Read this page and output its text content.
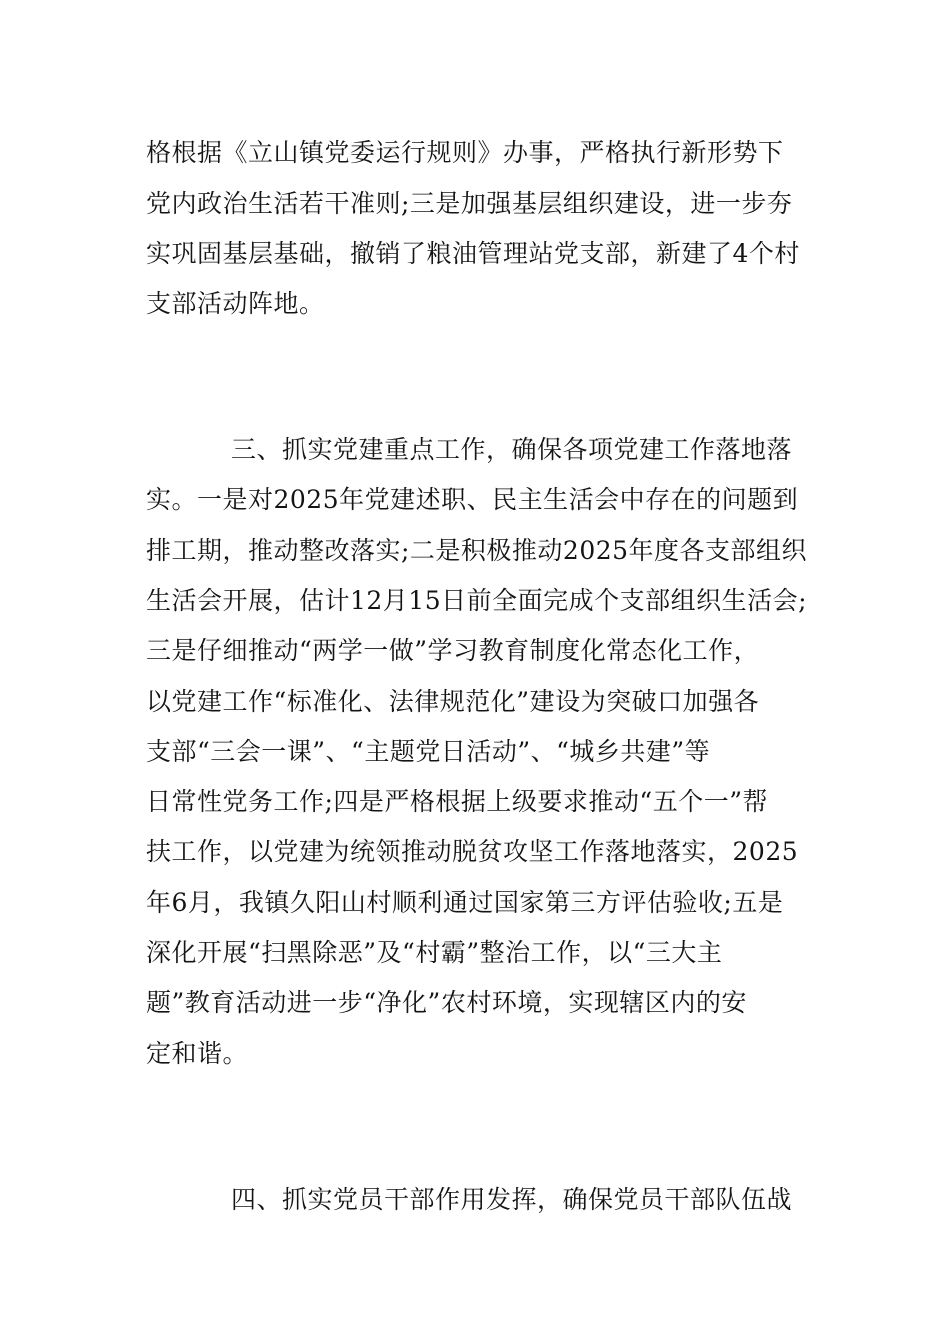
格根据《立山镇党委运行规则》办事，严格执行新形势下
党内政治生活若干准则;三是加强基层组织建设，进一步夯
实巩固基层基础，撤销了粮油管理站党支部，新建了4个村
支部活动阵地。
三、抓实党建重点工作，确保各项党建工作落地落
实。一是对2025年党建述职、民主生活会中存在的问题到
排工期，推动整改落实;二是积极推动2025年度各支部组织
生活会开展，估计12月15日前全面完成个支部组织生活会;
三是仔细推动“两学一做”学习教育制度化常态化工作，
以党建工作“标准化、法律规范化”建设为突破口加强各
支部“三会一课”、“主题党日活动”、“城乡共建”等
日常性党务工作;四是严格根据上级要求推动“五个一”帮
扶工作，以党建为统领推动脱贫攻坚工作落地落实，2025
年6月，我镇久阳山村顺利通过国家第三方评估验收;五是
深化开展“扫黑除恶”及“村霸”整治工作，以“三大主
题”教育活动进一步“净化”农村环境，实现辖区内的安
定和谐。
四、抓实党员干部作用发挥，确保党员干部队伍战
